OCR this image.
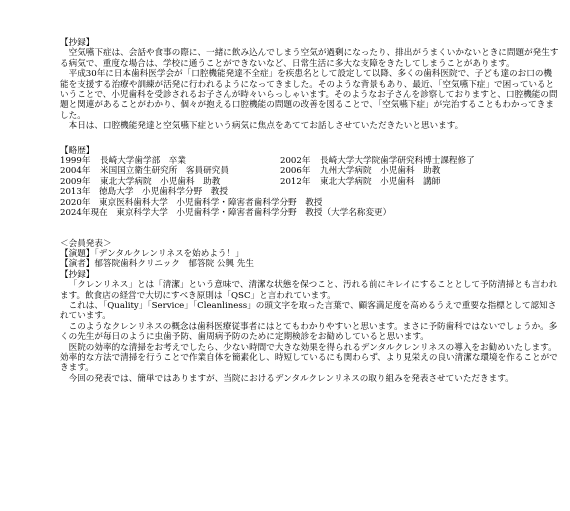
【抄録】

空気嚥下症は、会話や食事の際に、一緒に飲み込んでしまう空気が過剰になったり、排出がうまくいかないときに問題が発生する病気で、重度な場合は、学校に通うことができないなど、日常生活に多大な支障をきたしてしまうことがあります。

平成30年に日本歯科医学会が「口腔機能発達不全症」を疾患名として設定して以降、多くの歯科医院で、子ども達のお口の機能を支援する治療や訓練が活発に行われるようになってきました。そのような背景もあり、最近、「空気嚥下症」で困っているということで、小児歯科を受診されるお子さんが時々いらっしゃいます。そのようなお子さんを診察しておりますと、口腔機能の問題と関連があることがわかり、個々が抱える口腔機能の問題の改善を図ることで、「空気嚥下症」が完治することもわかってきました。

本日は、口腔機能発達と空気嚥下症という病気に焦点をあててお話しさせていただきたいと思います。

【略歴】

1999年	長崎大学歯学部　卒業	2002年	長崎大学大学院歯学研究科博士課程修了
2004年	米国国立衛生研究所　客員研究員	2006年	九州大学病院　小児歯科　助教
2009年	東北大学病院　小児歯科　助教	2012年	東北大学病院　小児歯科　講師
2013年　徳島大学　小児歯科学分野　教授
2020年　東京医科歯科大学　小児歯科学・障害者歯科学分野　教授
2024年現在　東京科学大学　小児歯科学・障害者歯科学分野　教授（大学名称変更）

＜会員発表＞

【演題】「デンタルクレンリネスを始めよう！」

【演者】郁答院歯科クリニック　郁答院 公興 先生

【抄録】

「クレンリネス」とは「清潔」という意味で、清潔な状態を保つこと、汚れる前にキレイにすることとして予防清掃とも言われます。飲食店の経営で大切にすべき原則は「QSC」と言われています。

これは、「Quality」「Service」「Cleanliness」の頭文字を取った言葉で、顧客満足度を高めるうえで重要な指標として認知されています。

このようなクレンリネスの概念は歯科医療従事者にはとてもわかりやすいと思います。まさに予防歯科ではないでしょうか。多くの先生が毎日のように虫歯予防、歯周病予防のために定期検診をお勧めしていると思います。

医院の効率的な清掃をお考えでしたら、少ない時間で大きな効果を得られるデンタルクレンリネスの導入をお勧めいたします。効率的な方法で清掃を行うことで作業自体を簡素化し、時短しているにも関わらず、より見栄えの良い清潔な環境を作ることができます。

今回の発表では、簡単ではありますが、当院におけるデンタルクレンリネスの取り組みを発表させていただきます。
